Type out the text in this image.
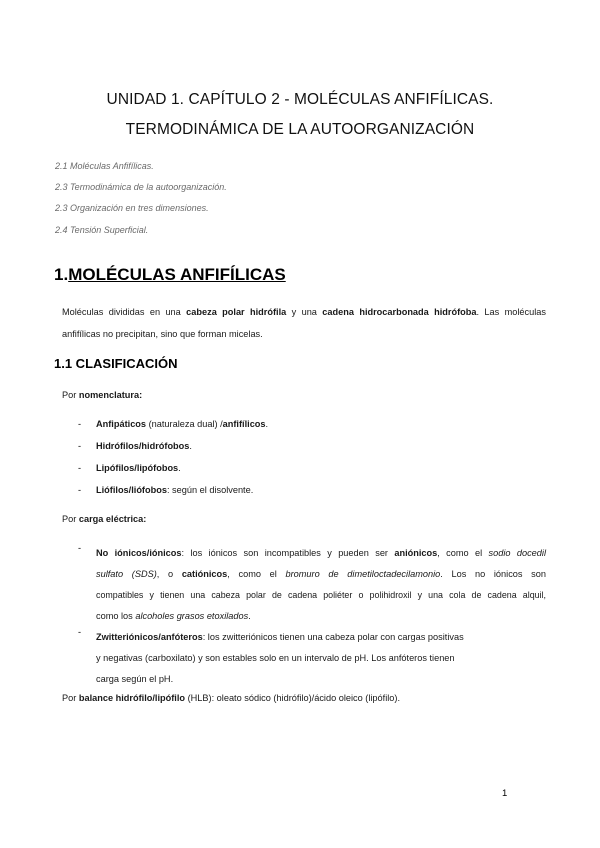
UNIDAD 1. CAPÍTULO 2 - MOLÉCULAS ANFIFÍLICAS.
TERMODINÁMICA DE LA AUTOORGANIZACIÓN
2.1 Moléculas Anfifílicas.
2.3 Termodinámica de la autoorganización.
2.3 Organización en tres dimensiones.
2.4 Tensión Superficial.
1.MOLÉCULAS ANFIFÍLICAS
Moléculas divididas en una cabeza polar hidrófila y una cadena hidrocarbonada hidrófoba. Las moléculas
anfifílicas no precipitan, sino que forman micelas.
1.1 CLASIFICACIÓN
Por nomenclatura:
- Anfipáticos (naturaleza dual) /anfifílicos.
- Hidrófilos/hidrófobos.
- Lipófilos/lipófobos.
- Liófilos/liófobos: según el disolvente.
Por carga eléctrica:
- No iónicos/iónicos: los iónicos son incompatibles y pueden ser aniónicos, como el sodio docedil
sulfato (SDS), o catiónicos, como el bromuro de dimetiloctadecilamonio. Los no iónicos son
compatibles y tienen una cabeza polar de cadena poliéter o polihidroxil y una cola de cadena alquil,
como los alcoholes grasos etoxilados.
- Zwitteriónicos/anfóteros: los zwitteriónicos tienen una cabeza polar con cargas positivas
y negativas (carboxilato) y son estables solo en un intervalo de pH. Los anfóteros tienen
carga según el pH.
Por balance hidrófilo/lipófilo (HLB): oleato sódico (hidrófilo)/ácido oleico (lipófilo).
1
